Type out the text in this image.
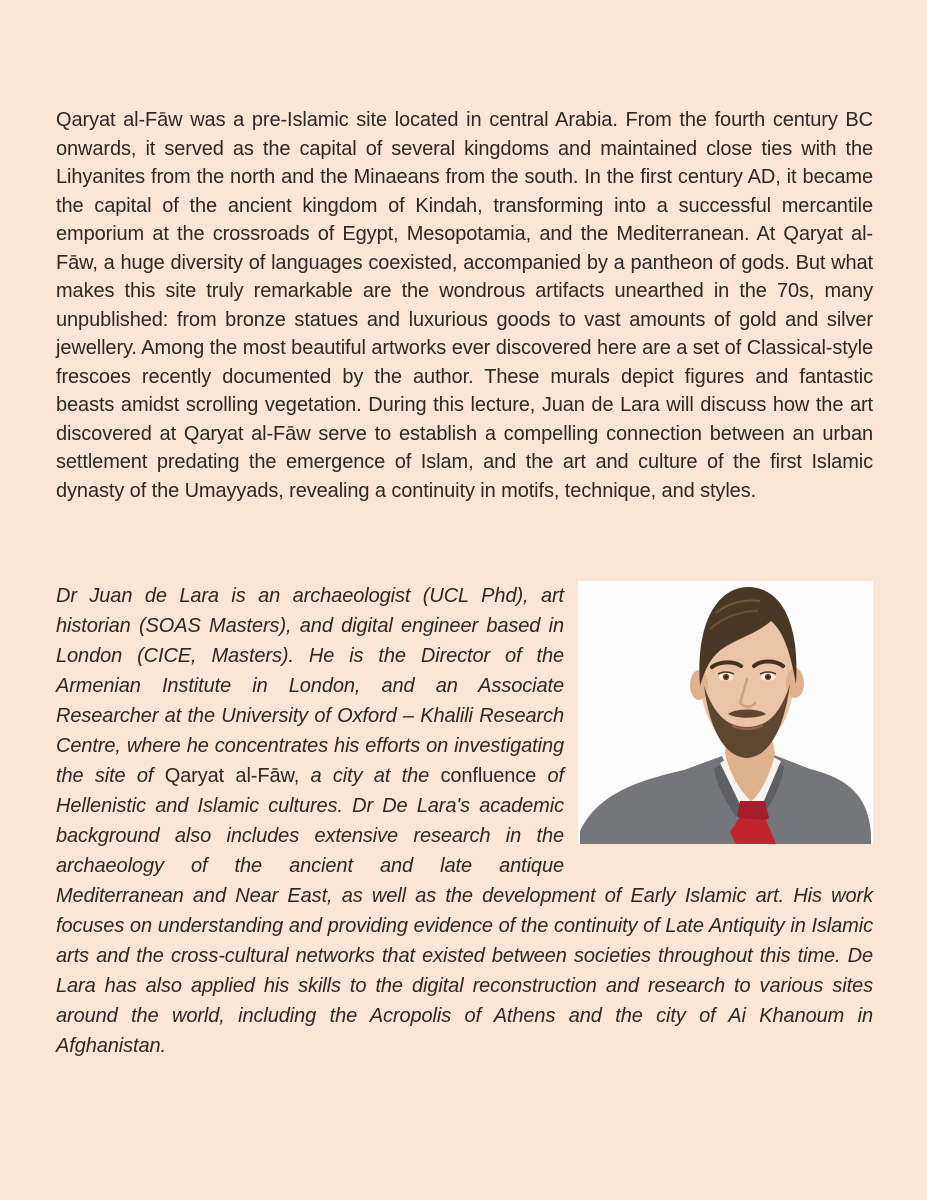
Qaryat al-Fāw was a pre-Islamic site located in central Arabia. From the fourth century BC onwards, it served as the capital of several kingdoms and maintained close ties with the Lihyanites from the north and the Minaeans from the south. In the first century AD, it became the capital of the ancient kingdom of Kindah, transforming into a successful mercantile emporium at the crossroads of Egypt, Mesopotamia, and the Mediterranean. At Qaryat al-Fāw, a huge diversity of languages coexisted, accompanied by a pantheon of gods. But what makes this site truly remarkable are the wondrous artifacts unearthed in the 70s, many unpublished: from bronze statues and luxurious goods to vast amounts of gold and silver jewellery. Among the most beautiful artworks ever discovered here are a set of Classical-style frescoes recently documented by the author. These murals depict figures and fantastic beasts amidst scrolling vegetation. During this lecture, Juan de Lara will discuss how the art discovered at Qaryat al-Fāw serve to establish a compelling connection between an urban settlement predating the emergence of Islam, and the art and culture of the first Islamic dynasty of the Umayyads, revealing a continuity in motifs, technique, and styles.

Dr Juan de Lara is an archaeologist (UCL Phd), art historian (SOAS Masters), and digital engineer based in London (CICE, Masters). He is the Director of the Armenian Institute in London, and an Associate Researcher at the University of Oxford – Khalili Research Centre, where he concentrates his efforts on investigating the site of Qaryat al-Fāw, a city at the confluence of Hellenistic and Islamic cultures. Dr De Lara's academic background also includes extensive research in the archaeology of the ancient and late antique Mediterranean and Near East, as well as the development of Early Islamic art. His work focuses on understanding and providing evidence of the continuity of Late Antiquity in Islamic arts and the cross-cultural networks that existed between societies throughout this time. De Lara has also applied his skills to the digital reconstruction and research to various sites around the world, including the Acropolis of Athens and the city of Ai Khanoum in Afghanistan.
